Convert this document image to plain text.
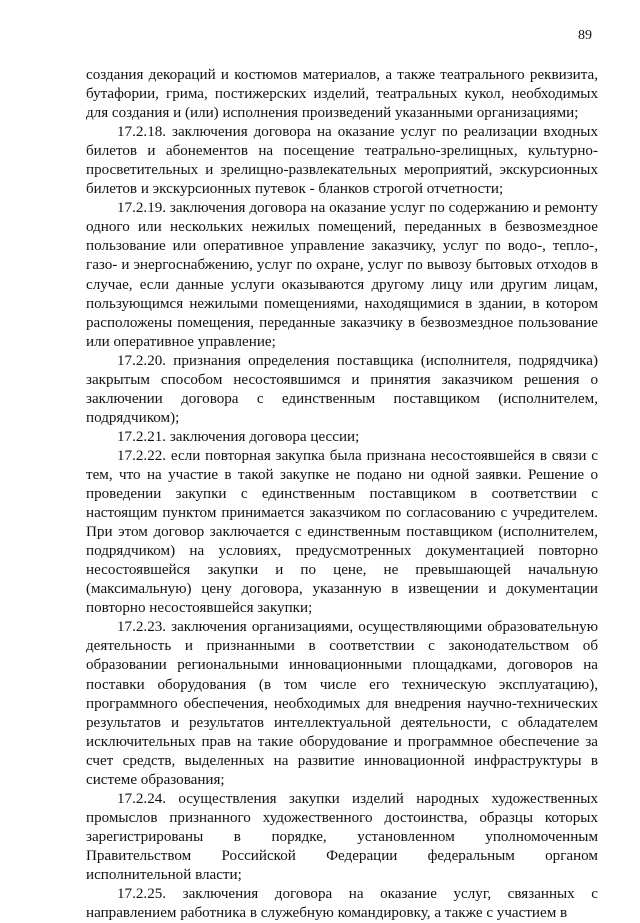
89

создания декораций и костюмов материалов, а также театрального реквизита, бутафории, грима, постижерских изделий, театральных кукол, необходимых для создания и (или) исполнения произведений указанными организациями;

17.2.18. заключения договора на оказание услуг по реализации входных билетов и абонементов на посещение театрально-зрелищных, культурно-просветительных и зрелищно-развлекательных мероприятий, экскурсионных билетов и экскурсионных путевок - бланков строгой отчетности;

17.2.19. заключения договора на оказание услуг по содержанию и ремонту одного или нескольких нежилых помещений, переданных в безвозмездное пользование или оперативное управление заказчику, услуг по водо-, тепло-, газо- и энергоснабжению, услуг по охране, услуг по вывозу бытовых отходов в случае, если данные услуги оказываются другому лицу или другим лицам, пользующимся нежилыми помещениями, находящимися в здании, в котором расположены помещения, переданные заказчику в безвозмездное пользование или оперативное управление;

17.2.20. признания определения поставщика (исполнителя, подрядчика) закрытым способом несостоявшимся и принятия заказчиком решения о заключении договора с единственным поставщиком (исполнителем, подрядчиком);

17.2.21. заключения договора цессии;

17.2.22. если повторная закупка была признана несостоявшейся в связи с тем, что на участие в такой закупке не подано ни одной заявки. Решение о проведении закупки с единственным поставщиком в соответствии с настоящим пунктом принимается заказчиком по согласованию с учредителем. При этом договор заключается с единственным поставщиком (исполнителем, подрядчиком) на условиях, предусмотренных документацией повторно несостоявшейся закупки и по цене, не превышающей начальную (максимальную) цену договора, указанную в извещении и документации повторно несостоявшейся закупки;

17.2.23. заключения организациями, осуществляющими образовательную деятельность и признанными в соответствии с законодательством об образовании региональными инновационными площадками, договоров на поставки оборудования (в том числе его техническую эксплуатацию), программного обеспечения, необходимых для внедрения научно-технических результатов и результатов интеллектуальной деятельности, с обладателем исключительных прав на такие оборудование и программное обеспечение за счет средств, выделенных на развитие инновационной инфраструктуры в системе образования;

17.2.24. осуществления закупки изделий народных художественных промыслов признанного художественного достоинства, образцы которых зарегистрированы в порядке, установленном уполномоченным Правительством Российской Федерации федеральным органом исполнительной власти;

17.2.25. заключения договора на оказание услуг, связанных с направлением работника в служебную командировку, а также с участием в
